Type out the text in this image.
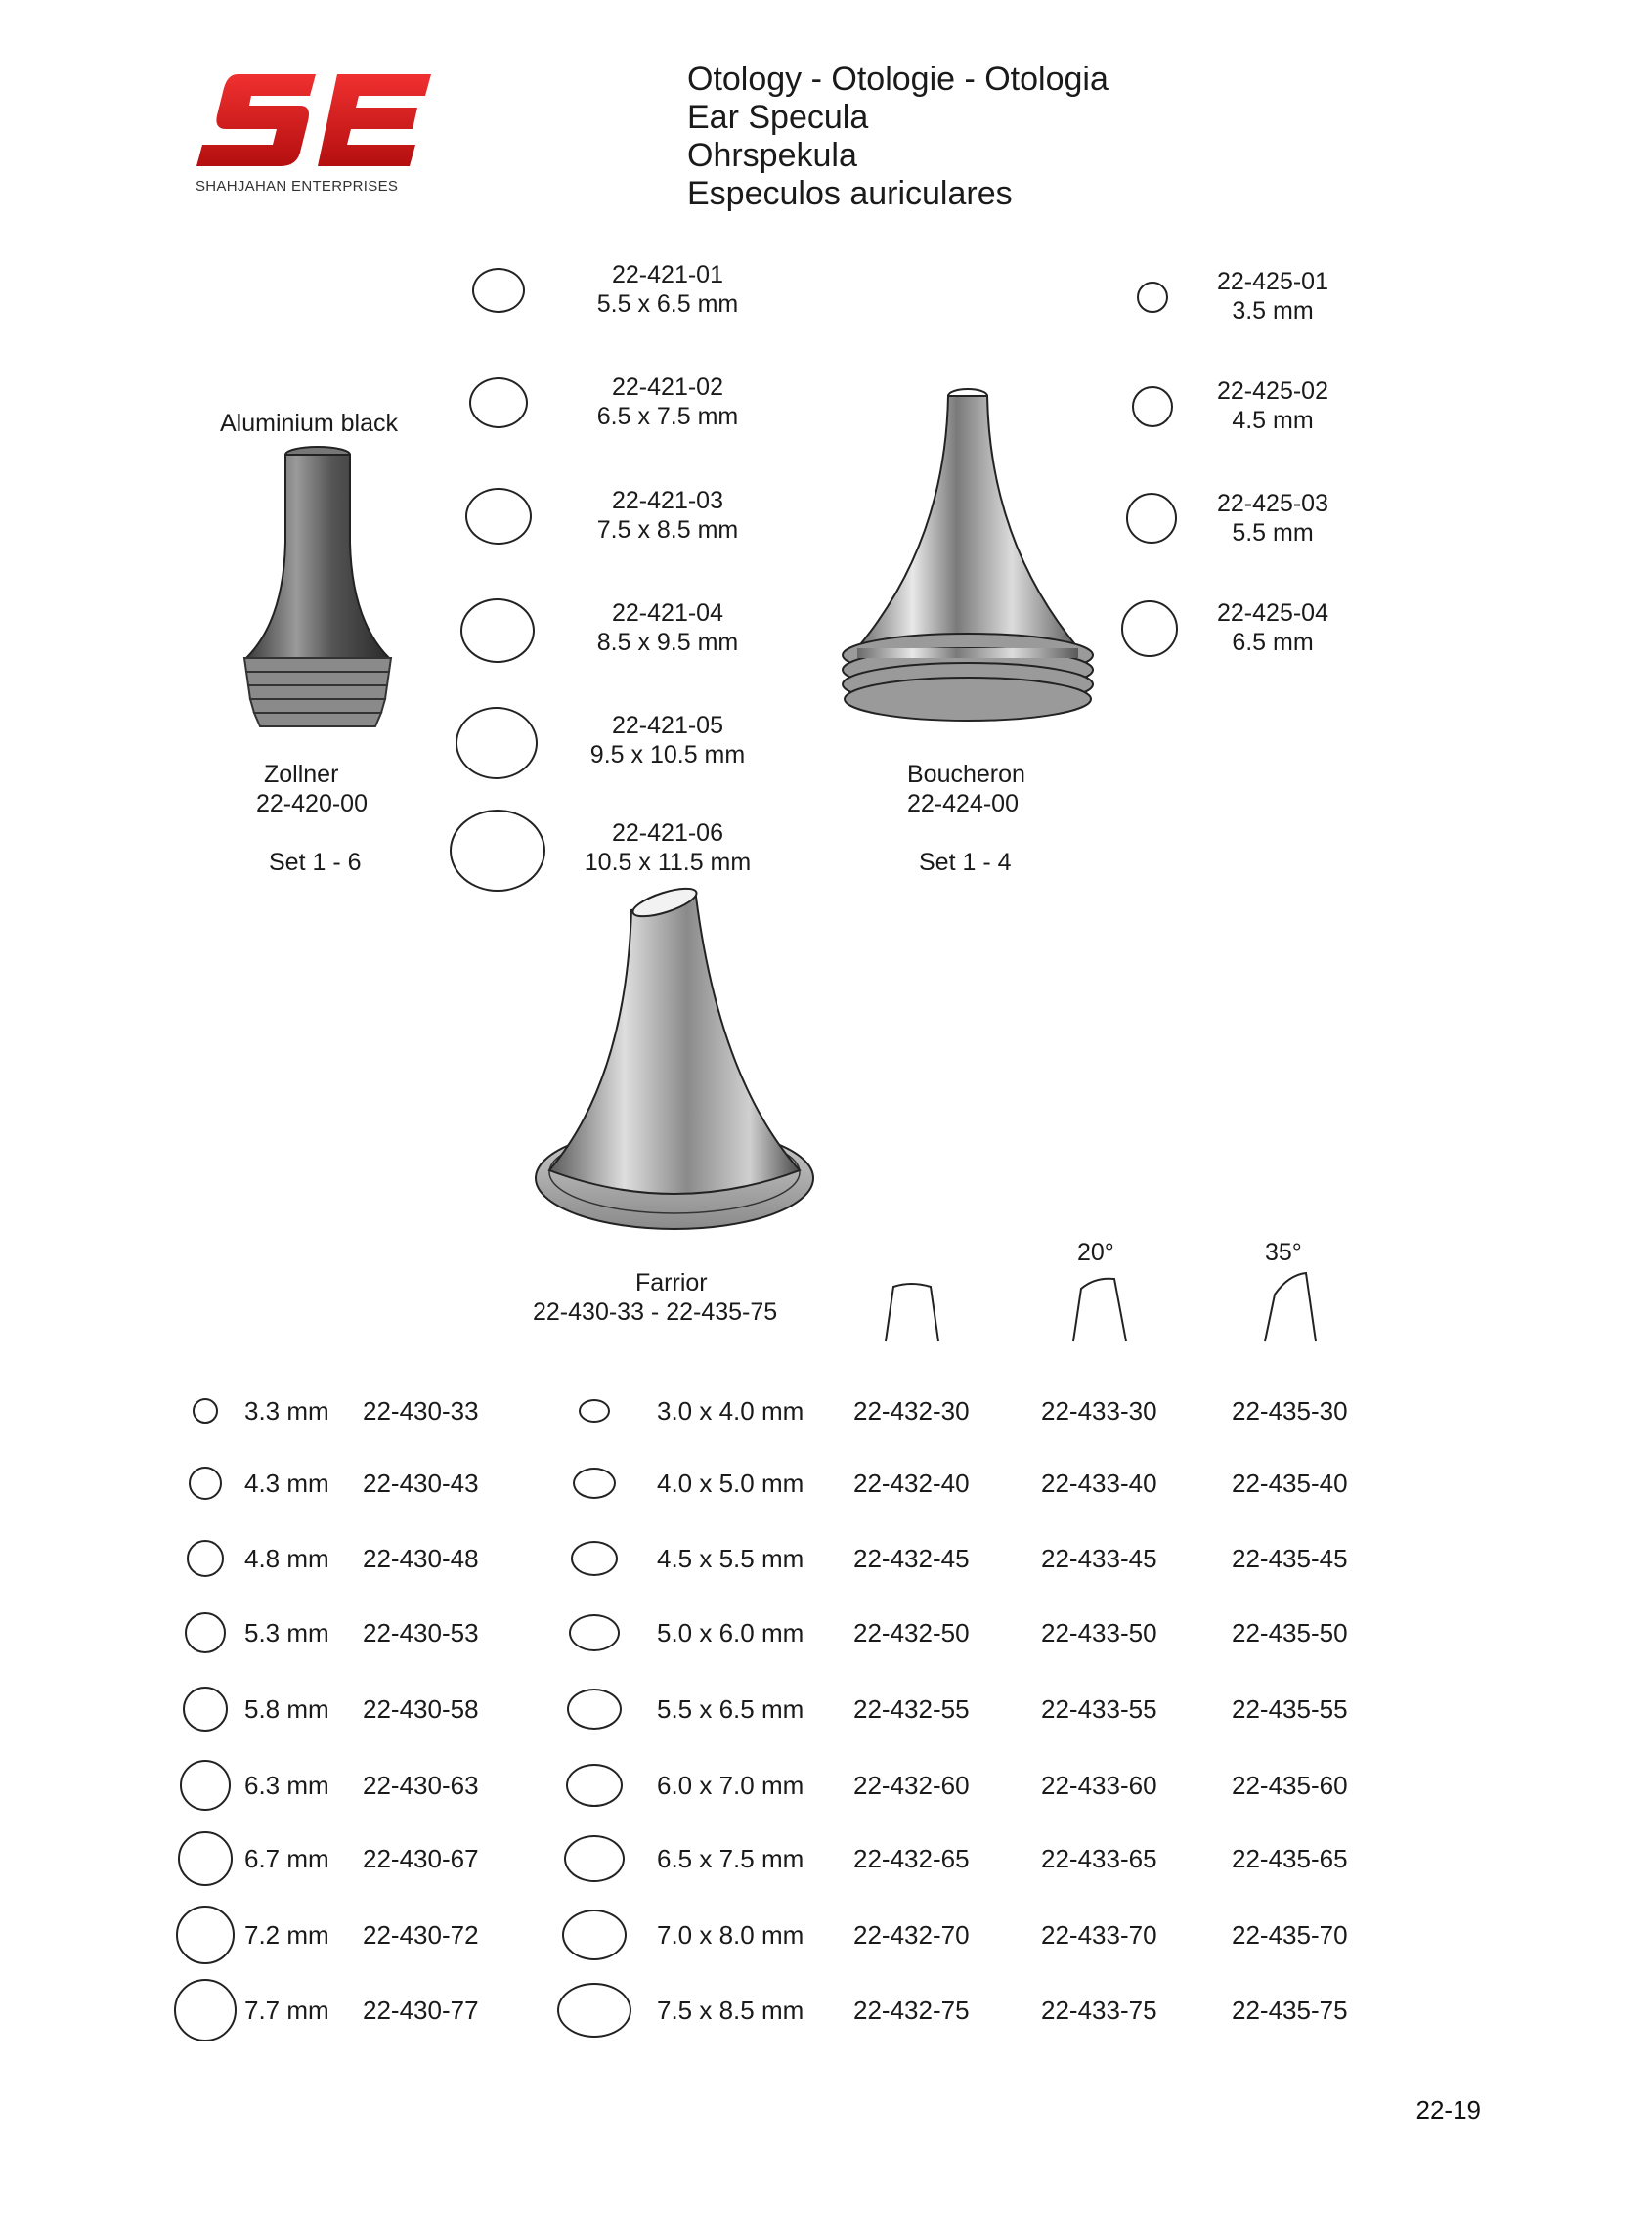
SHAHJAHAN ENTERPRISES
Otology - Otologie - Otologia
Ear Specula
Ohrspekula
Especulos auriculares
Aluminium black
Zollner
22-420-00
Set 1 - 6
22-421-01
5.5 x 6.5 mm
22-421-02
6.5 x 7.5 mm
22-421-03
7.5 x 8.5 mm
22-421-04
8.5 x 9.5 mm
22-421-05
9.5 x 10.5 mm
22-421-06
10.5 x 11.5 mm
Boucheron
22-424-00
Set 1 - 4
22-425-01
3.5 mm
22-425-02
4.5 mm
22-425-03
5.5 mm
22-425-04
6.5 mm
Farrior
22-430-33 - 22-435-75
20°	35°
3.3 mm 22-430-33	3.0 x 4.0 mm 22-432-30	22-433-30	22-435-30
4.3 mm 22-430-43	4.0 x 5.0 mm 22-432-40	22-433-40	22-435-40
4.8 mm 22-430-48	4.5 x 5.5 mm 22-432-45	22-433-45	22-435-45
5.3 mm 22-430-53	5.0 x 6.0 mm 22-432-50	22-433-50	22-435-50
5.8 mm 22-430-58	5.5 x 6.5 mm 22-432-55	22-433-55	22-435-55
6.3 mm 22-430-63	6.0 x 7.0 mm 22-432-60	22-433-60	22-435-60
6.7 mm 22-430-67	6.5 x 7.5 mm 22-432-65	22-433-65	22-435-65
7.2 mm 22-430-72	7.0 x 8.0 mm 22-432-70	22-433-70	22-435-70
7.7 mm 22-430-77	7.5 x 8.5 mm 22-432-75	22-433-75	22-435-75
22-19
